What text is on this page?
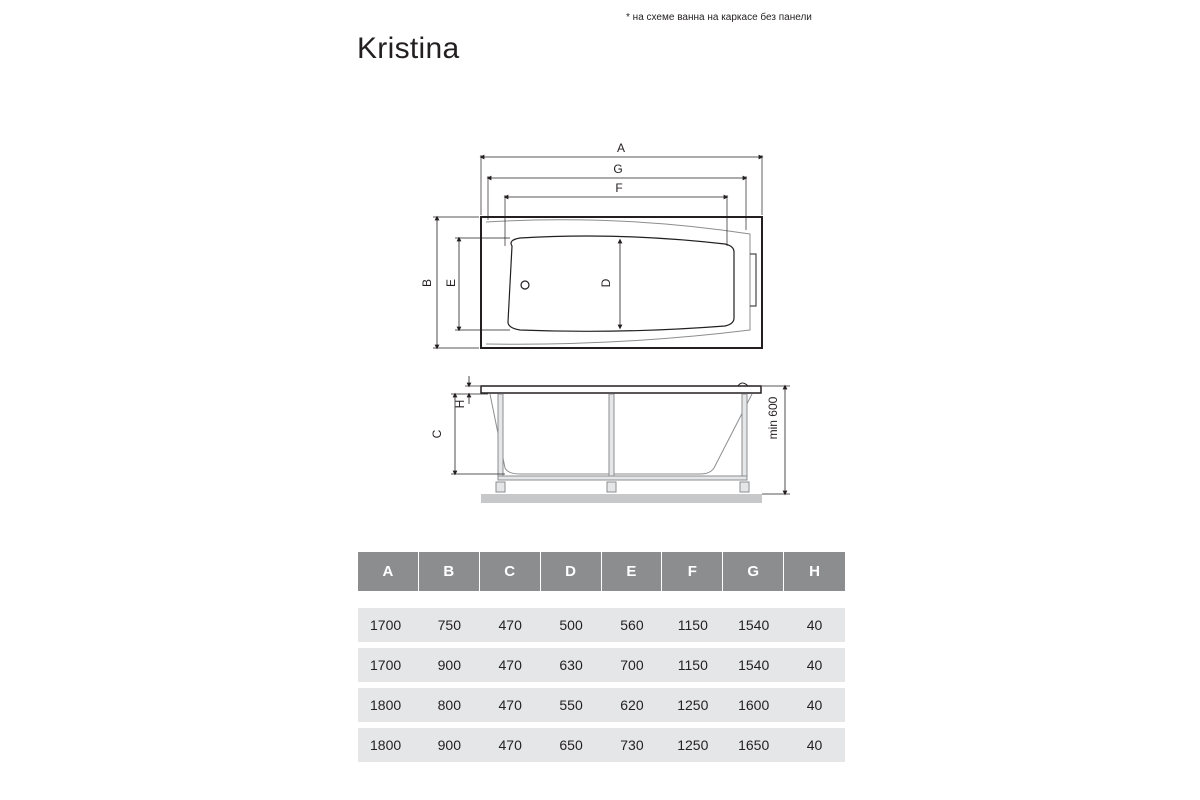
* на схеме ванна на каркасе без панели
Kristina
A
G
F
B E	D
C
H	min 600
A	B	C	D	E	F	G	H
1700	750	470	500	560	1150	1540	40
1700	900	470	630	700	1150	1540	40
1800	800	470	550	620	1250	1600	40
1800	900	470	650	730	1250	1650	40
